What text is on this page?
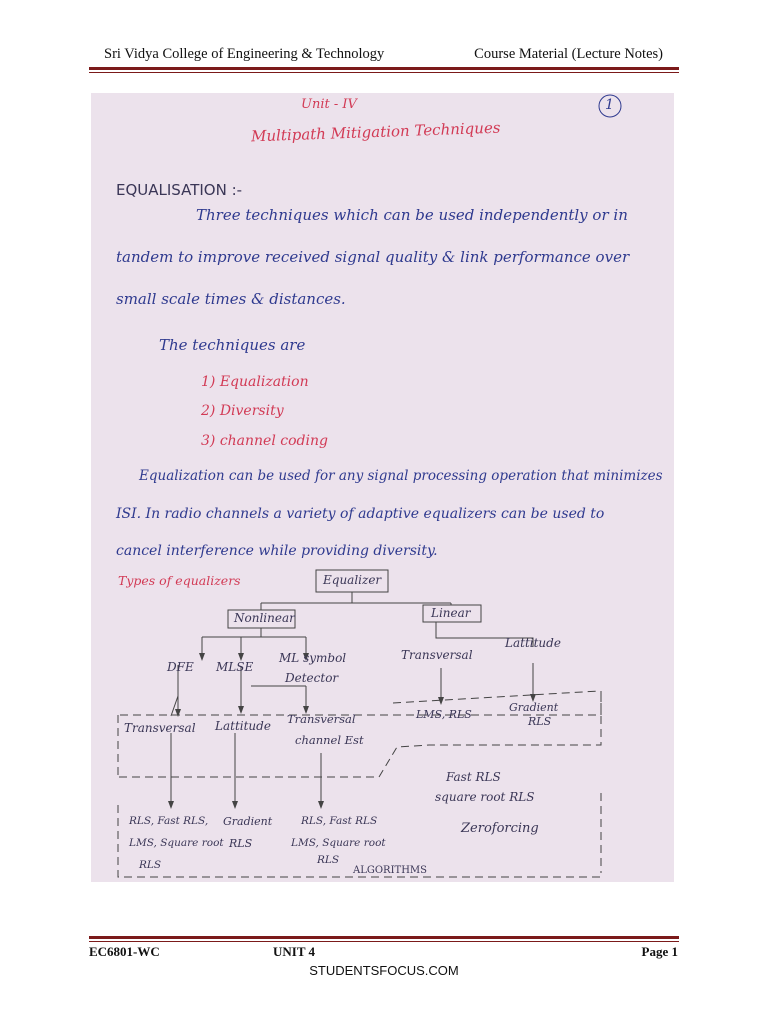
Sri Vidya College of Engineering & Technology	Course Material (Lecture Notes)
1
Unit - IV
Multipath Mitigation Techniques
EQUALISATION :-
Three techniques which can be used independently or in
tandem to improve received signal quality & link performance over
small scale times & distances.
The techniques are
1) Equalization
2) Diversity
3) channel coding
Equalization can be used for any signal processing operation that minimizes
ISI. In radio channels a variety of adaptive equalizers can be used to
cancel interference while providing diversity.
Types of equalizers	Equalizer
Nonlinear	Linear
DFE MLSE
ML symbol
Detector
Transversal
Lattitude
Transversal Lattitude Transversal
channel Est
LMS, RLS
Gradient
RLS
RLS, Fast RLS,
LMS, Square root
RLS
Gradient
RLS
RLS, Fast RLS
LMS, Square root
RLS
Fast RLS
square root RLS
Zeroforcing
ALGORITHMS
EC6801-WC	UNIT 4	Page 1
STUDENTSFOCUS.COM
